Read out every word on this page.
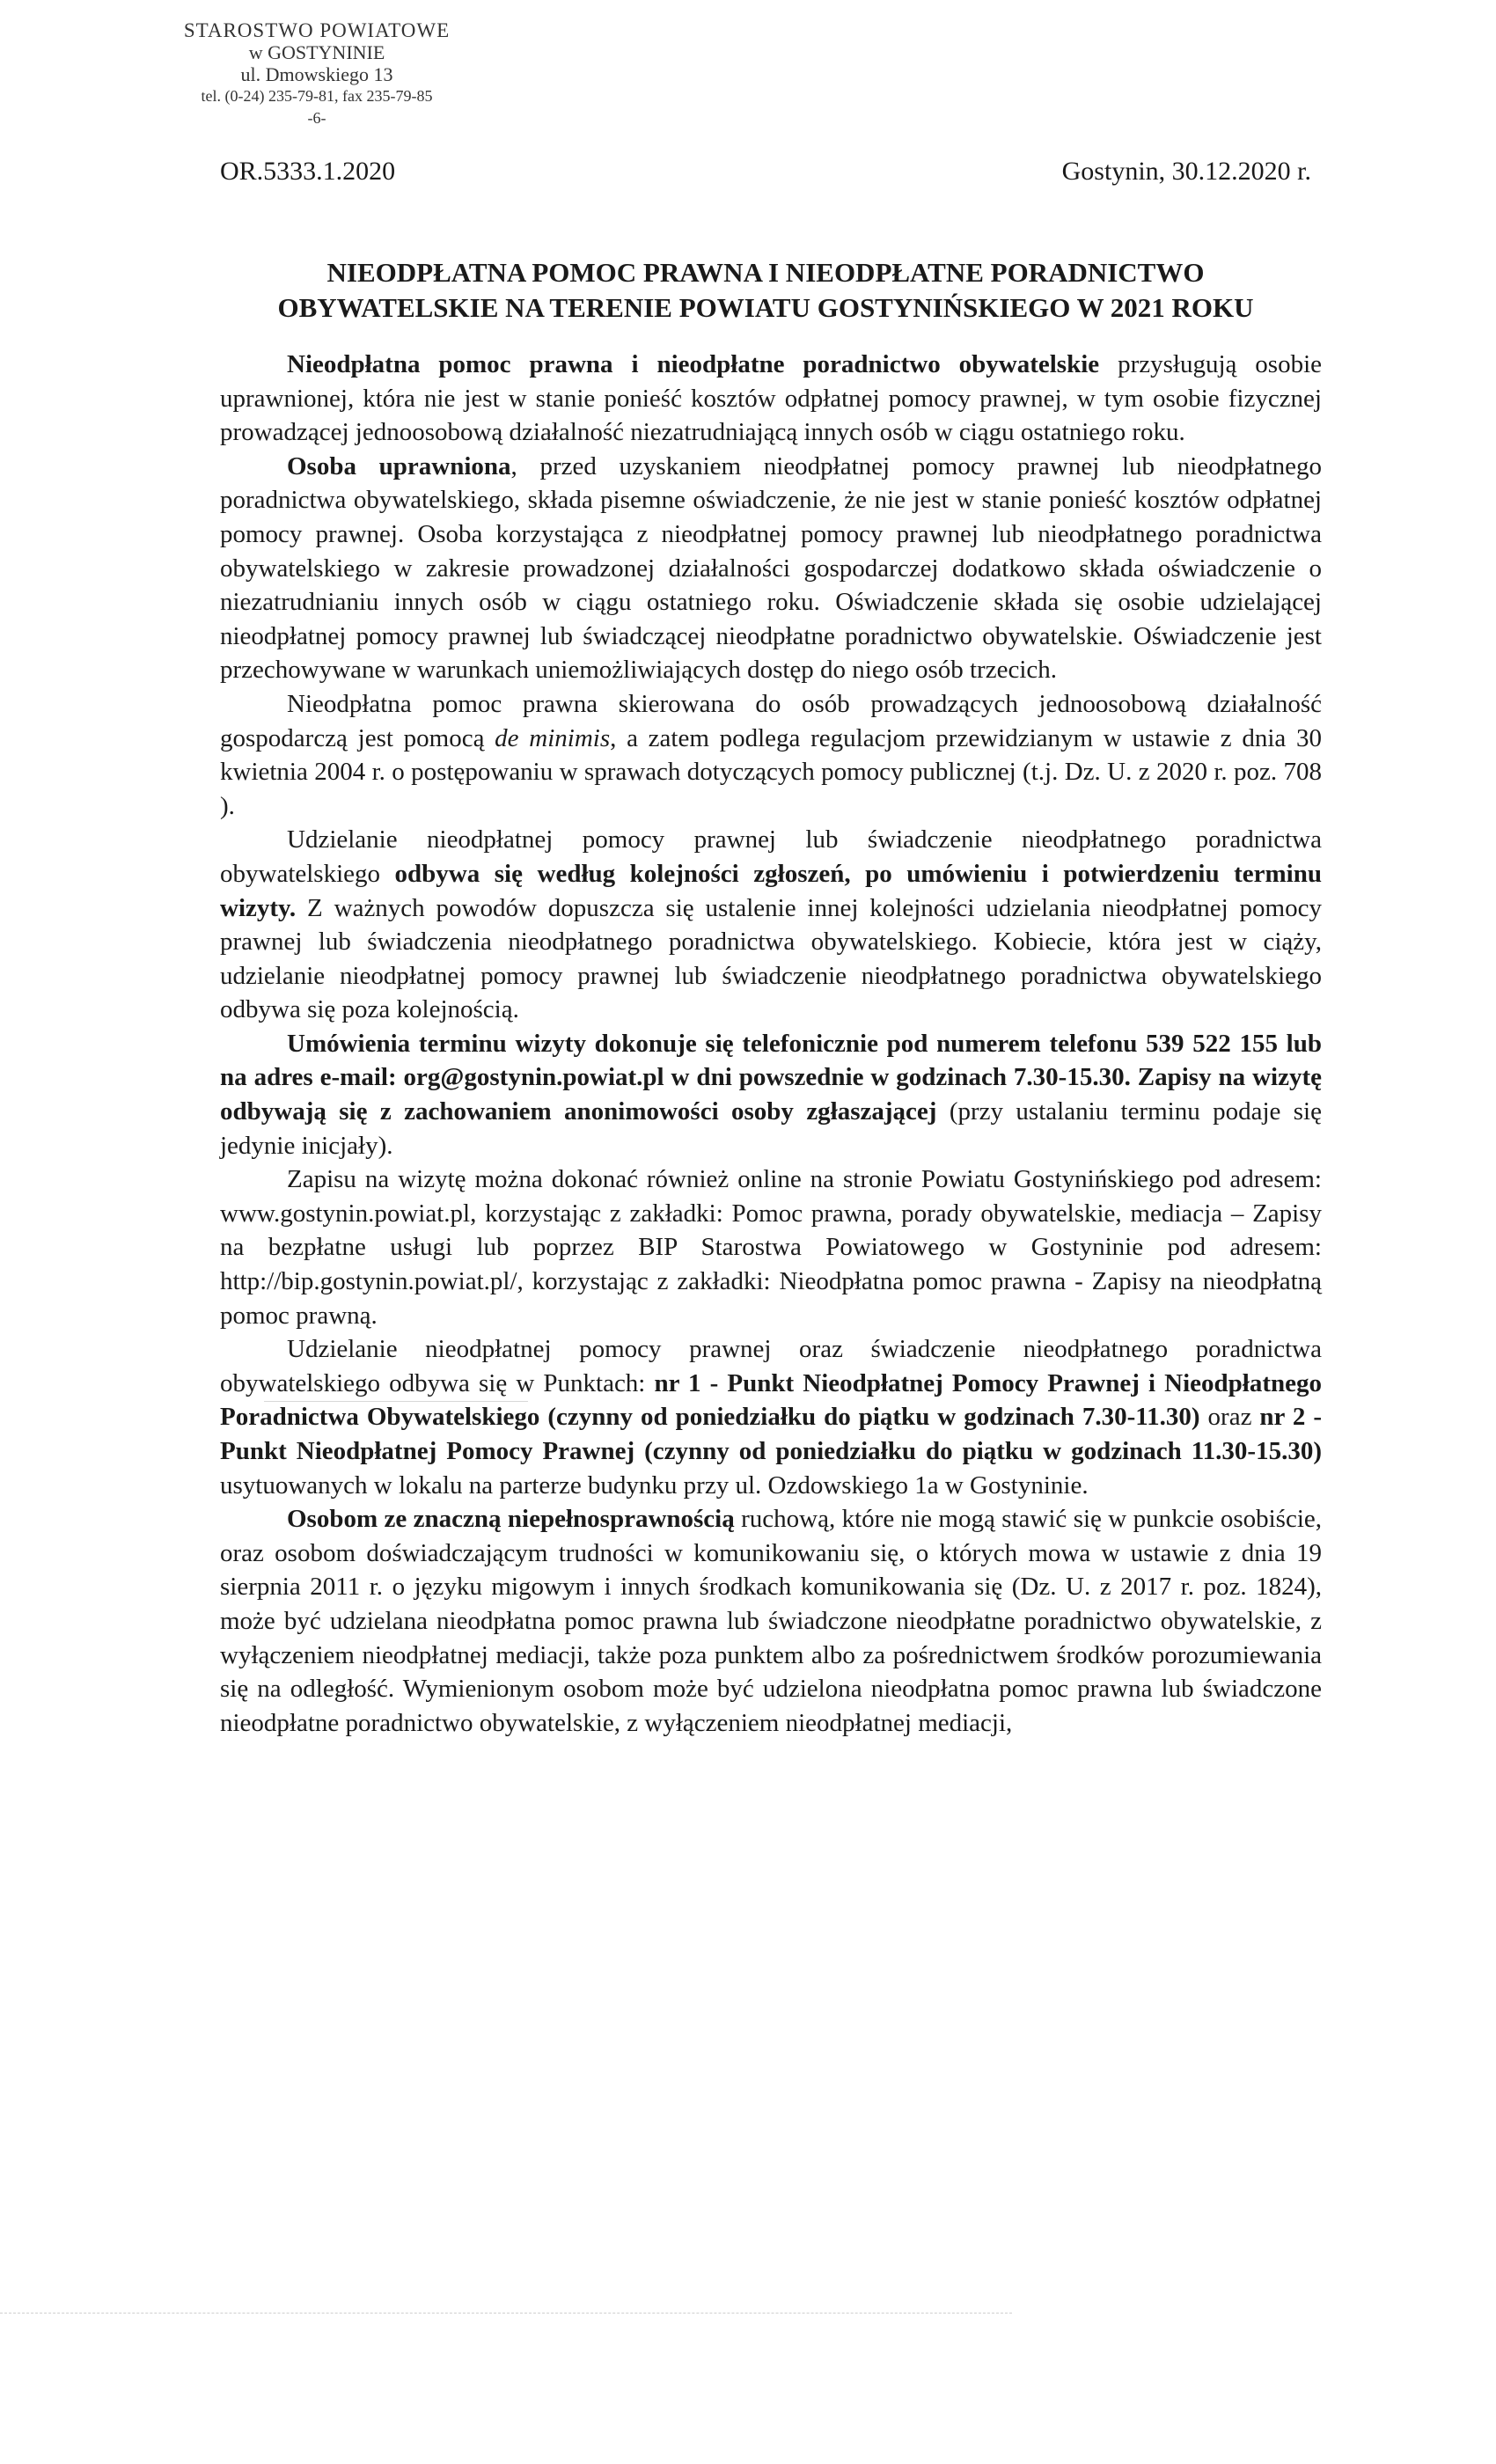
STAROSTWO POWIATOWE
w GOSTYNINIE
ul. Dmowskiego 13
tel. (0-24) 235-79-81, fax 235-79-85
-6-
OR.5333.1.2020	Gostynin, 30.12.2020 r.
NIEODPŁATNA POMOC PRAWNA I NIEODPŁATNE PORADNICTWO
OBYWATELSKIE NA TERENIE POWIATU GOSTYNIŃSKIEGO W 2021 ROKU

Nieodpłatna pomoc prawna i nieodpłatne poradnictwo obywatelskie przysługują osobie uprawnionej, która nie jest w stanie ponieść kosztów odpłatnej pomocy prawnej, w tym osobie fizycznej prowadzącej jednoosobową działalność niezatrudniającą innych osób w ciągu ostatniego roku.

Osoba uprawniona, przed uzyskaniem nieodpłatnej pomocy prawnej lub nieodpłatnego poradnictwa obywatelskiego, składa pisemne oświadczenie, że nie jest w stanie ponieść kosztów odpłatnej pomocy prawnej. Osoba korzystająca z nieodpłatnej pomocy prawnej lub nieodpłatnego poradnictwa obywatelskiego w zakresie prowadzonej działalności gospodarczej dodatkowo składa oświadczenie o niezatrudnianiu innych osób w ciągu ostatniego roku. Oświadczenie składa się osobie udzielającej nieodpłatnej pomocy prawnej lub świadczącej nieodpłatne poradnictwo obywatelskie. Oświadczenie jest przechowywane w warunkach uniemożliwiających dostęp do niego osób trzecich.

Nieodpłatna pomoc prawna skierowana do osób prowadzących jednoosobową działalność gospodarczą jest pomocą de minimis, a zatem podlega regulacjom przewidzianym w ustawie z dnia 30 kwietnia 2004 r. o postępowaniu w sprawach dotyczących pomocy publicznej (t.j. Dz. U. z 2020 r. poz. 708 ).

Udzielanie nieodpłatnej pomocy prawnej lub świadczenie nieodpłatnego poradnictwa obywatelskiego odbywa się według kolejności zgłoszeń, po umówieniu i potwierdzeniu terminu wizyty. Z ważnych powodów dopuszcza się ustalenie innej kolejności udzielania nieodpłatnej pomocy prawnej lub świadczenia nieodpłatnego poradnictwa obywatelskiego. Kobiecie, która jest w ciąży, udzielanie nieodpłatnej pomocy prawnej lub świadczenie nieodpłatnego poradnictwa obywatelskiego odbywa się poza kolejnością.

Umówienia terminu wizyty dokonuje się telefonicznie pod numerem telefonu 539 522 155 lub na adres e-mail: org@gostynin.powiat.pl w dni powszednie w godzinach 7.30-15.30. Zapisy na wizytę odbywają się z zachowaniem anonimowości osoby zgłaszającej (przy ustalaniu terminu podaje się jedynie inicjały).

Zapisu na wizytę można dokonać również online na stronie Powiatu Gostynińskiego pod adresem: www.gostynin.powiat.pl, korzystając z zakładki: Pomoc prawna, porady obywatelskie, mediacja – Zapisy na bezpłatne usługi lub poprzez BIP Starostwa Powiatowego w Gostyninie pod adresem: http://bip.gostynin.powiat.pl/, korzystając z zakładki: Nieodpłatna pomoc prawna - Zapisy na nieodpłatną pomoc prawną.

Udzielanie nieodpłatnej pomocy prawnej oraz świadczenie nieodpłatnego poradnictwa obywatelskiego odbywa się w Punktach: nr 1 - Punkt Nieodpłatnej Pomocy Prawnej i Nieodpłatnego Poradnictwa Obywatelskiego (czynny od poniedziałku do piątku w godzinach 7.30-11.30) oraz nr 2 - Punkt Nieodpłatnej Pomocy Prawnej (czynny od poniedziałku do piątku w godzinach 11.30-15.30) usytuowanych w lokalu na parterze budynku przy ul. Ozdowskiego 1a w Gostyninie.

Osobom ze znaczną niepełnosprawnością ruchową, które nie mogą stawić się w punkcie osobiście, oraz osobom doświadczającym trudności w komunikowaniu się, o których mowa w ustawie z dnia 19 sierpnia 2011 r. o języku migowym i innych środkach komunikowania się (Dz. U. z 2017 r. poz. 1824), może być udzielana nieodpłatna pomoc prawna lub świadczone nieodpłatne poradnictwo obywatelskie, z wyłączeniem nieodpłatnej mediacji, także poza punktem albo za pośrednictwem środków porozumiewania się na odległość. Wymienionym osobom może być udzielona nieodpłatna pomoc prawna lub świadczone nieodpłatne poradnictwo obywatelskie, z wyłączeniem nieodpłatnej mediacji,
